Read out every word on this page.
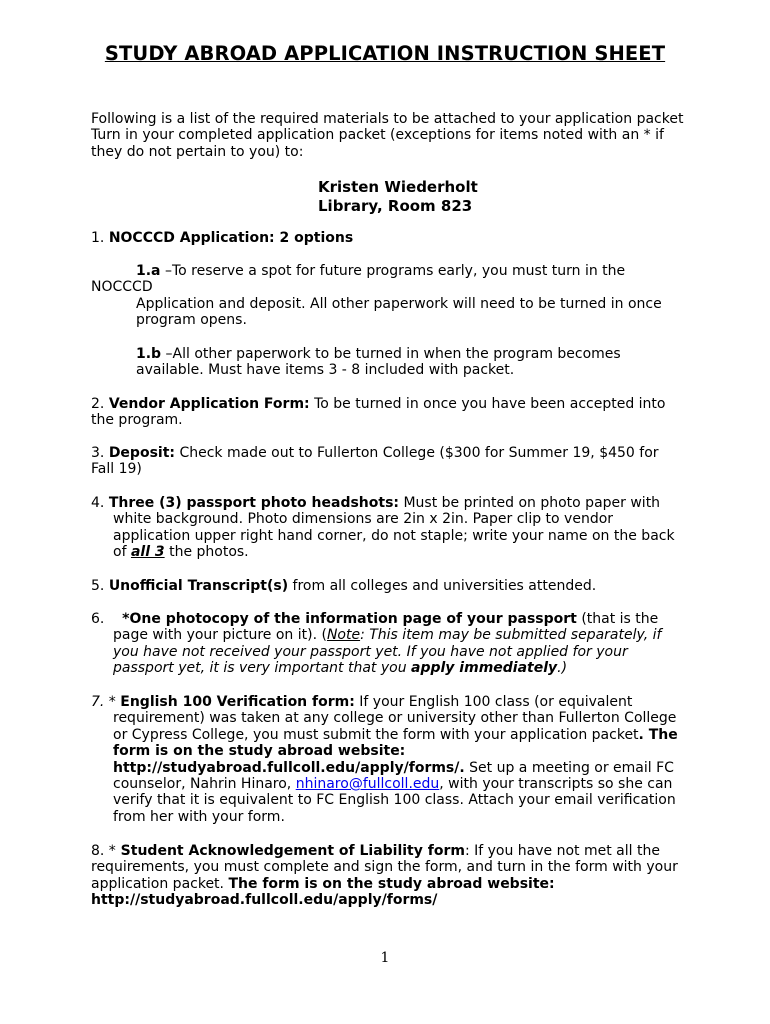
STUDY ABROAD APPLICATION INSTRUCTION SHEET
Following is a list of the required materials to be attached to your application packet
Turn in your completed application packet (exceptions for items noted with an * if
they do not pertain to you) to:
Kristen Wiederholt
Library, Room 823
1. NOCCCD Application: 2 options
1.a –To reserve a spot for future programs early, you must turn in the
NOCCCD
Application and deposit. All other paperwork will need to be turned in once
program opens.
1.b –All other paperwork to be turned in when the program becomes
available. Must have items 3 - 8 included with packet.
2. Vendor Application Form: To be turned in once you have been accepted into
the program.
3. Deposit: Check made out to Fullerton College ($300 for Summer 19, $450 for
Fall 19)
4. Three (3) passport photo headshots: Must be printed on photo paper with
white background. Photo dimensions are 2in x 2in. Paper clip to vendor
application upper right hand corner, do not staple; write your name on the back
of all 3 the photos.
5. Unofficial Transcript(s) from all colleges and universities attended.
6. *One photocopy of the information page of your passport (that is the
page with your picture on it). (Note: This item may be submitted separately, if
you have not received your passport yet. If you have not applied for your
passport yet, it is very important that you apply immediately.)
7. * English 100 Verification form: If your English 100 class (or equivalent
requirement) was taken at any college or university other than Fullerton College
or Cypress College, you must submit the form with your application packet. The
form is on the study abroad website:
http://studyabroad.fullcoll.edu/apply/forms/. Set up a meeting or email FC
counselor, Nahrin Hinaro, nhinaro@fullcoll.edu, with your transcripts so she can
verify that it is equivalent to FC English 100 class. Attach your email verification
from her with your form.
8. * Student Acknowledgement of Liability form: If you have not met all the
requirements, you must complete and sign the form, and turn in the form with your
application packet. The form is on the study abroad website:
http://studyabroad.fullcoll.edu/apply/forms/
1
